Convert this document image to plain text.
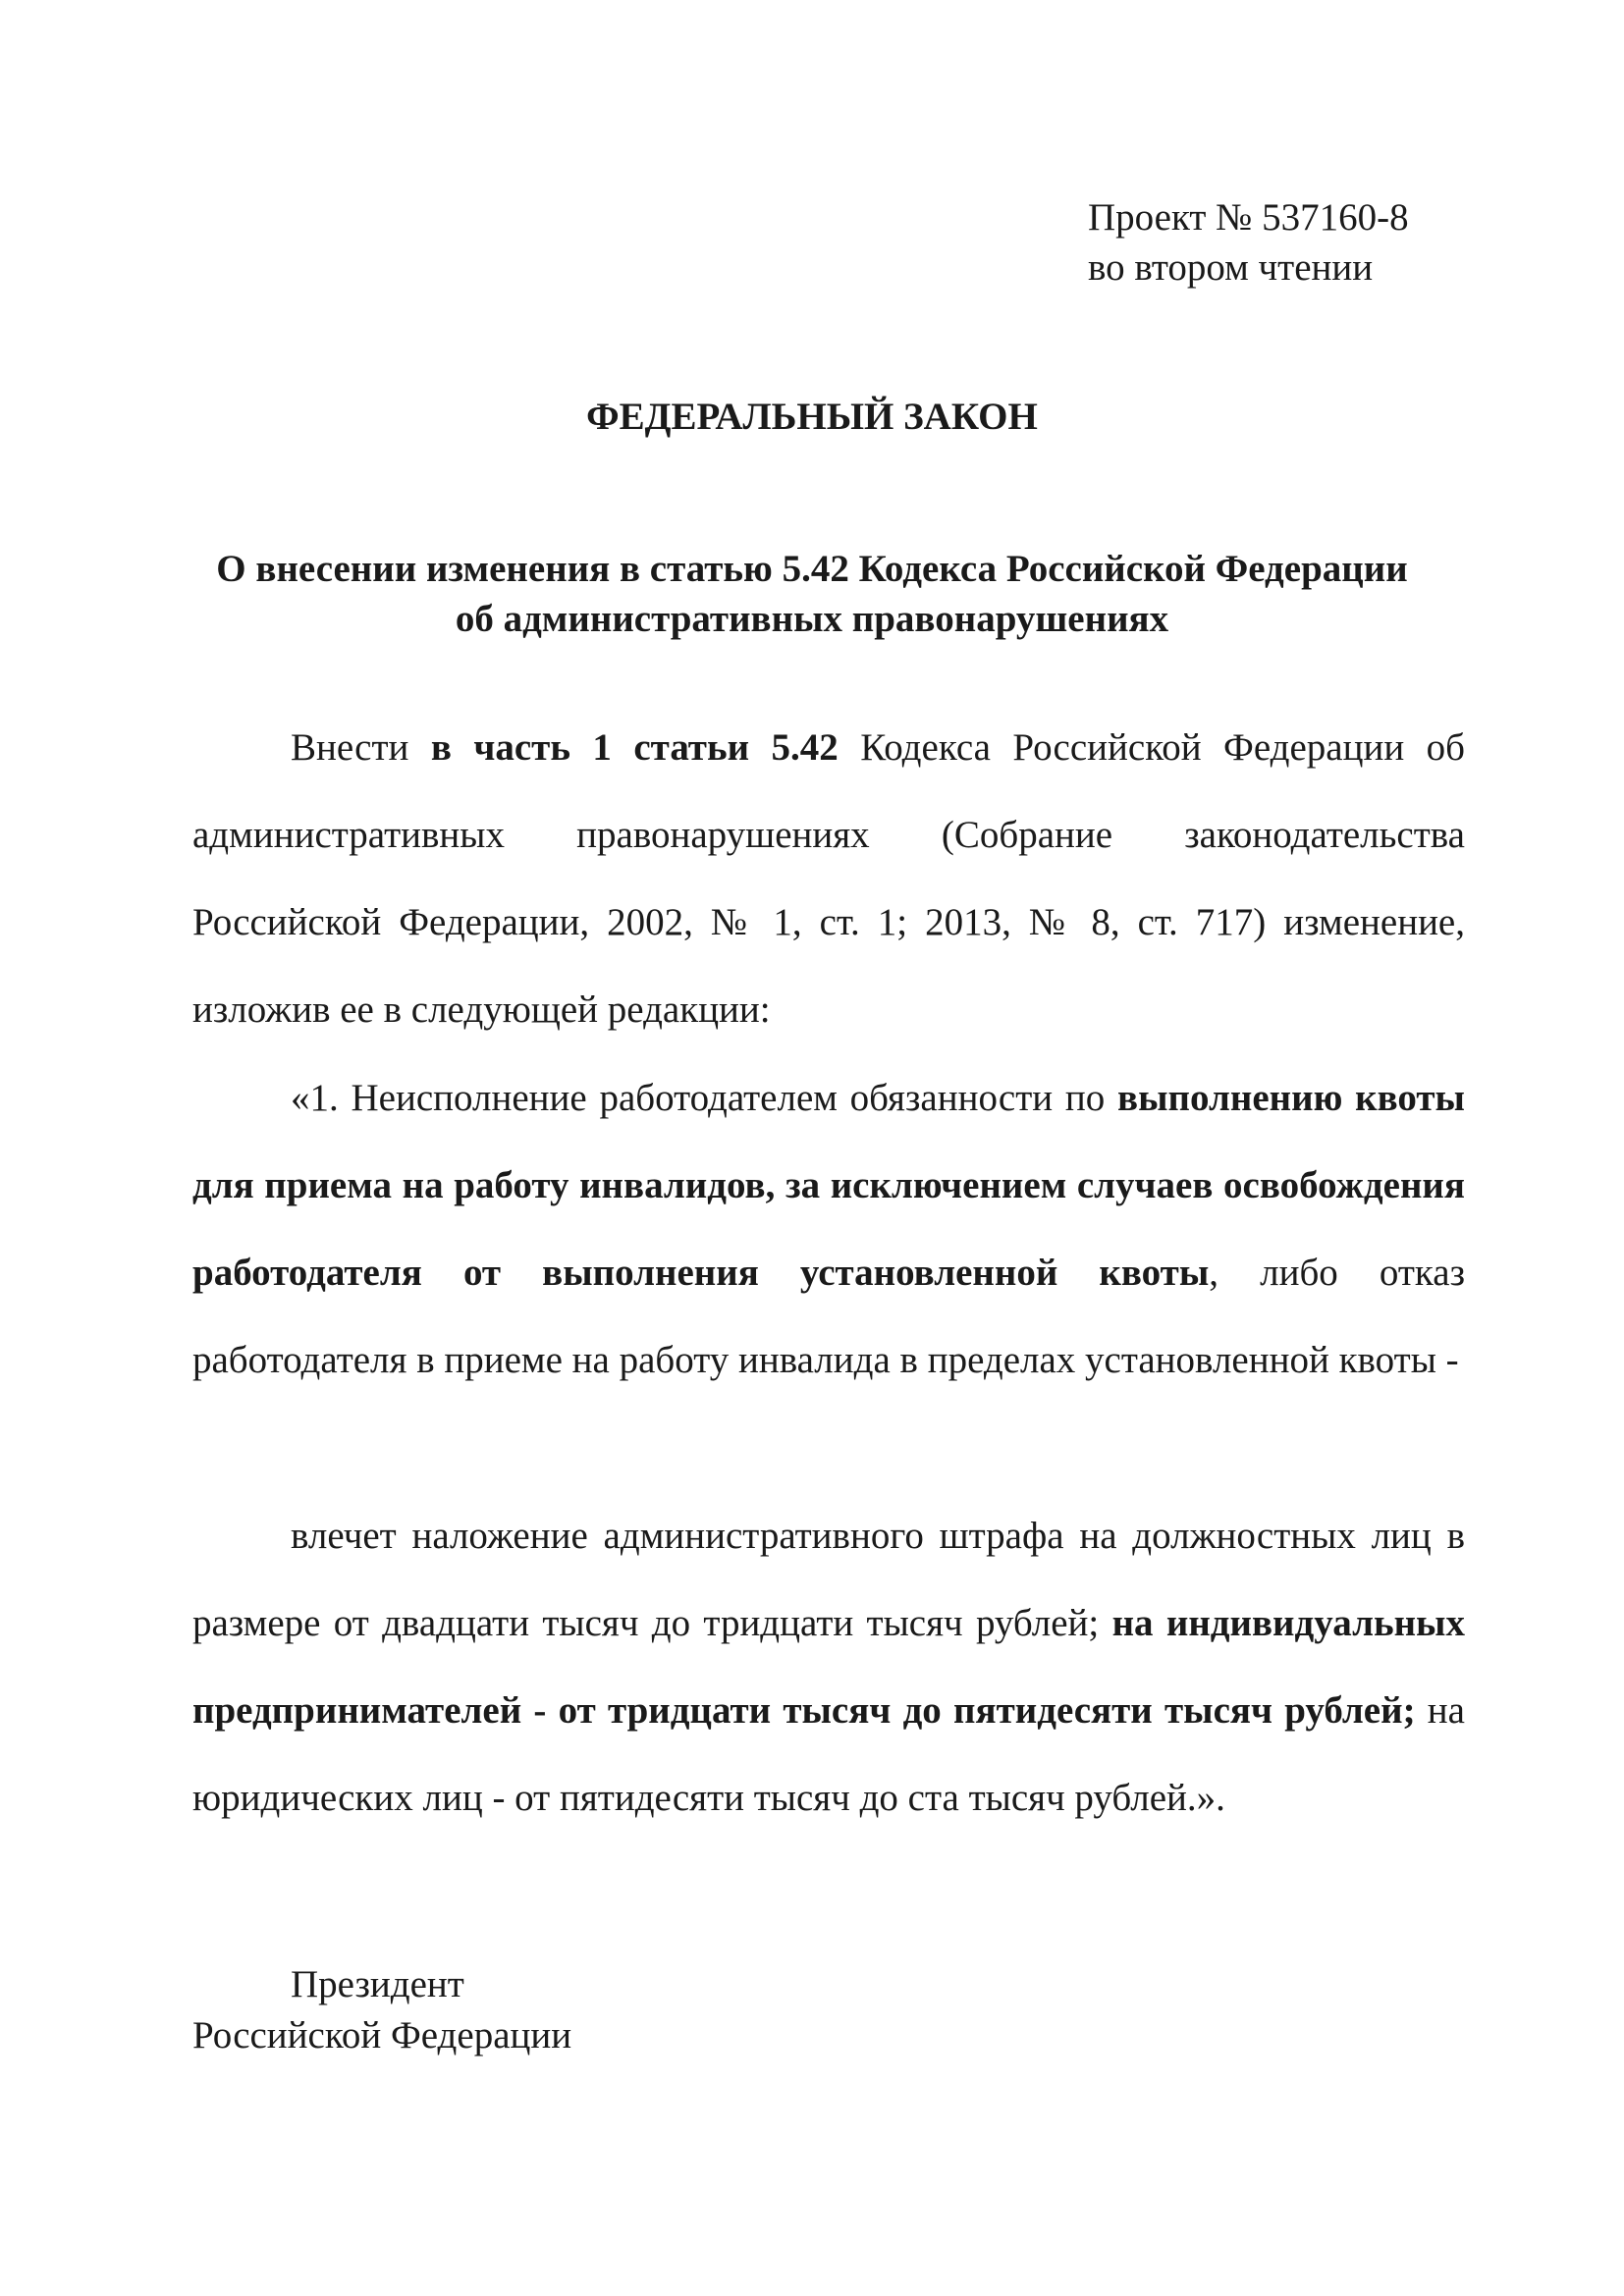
Проект № 537160-8
во втором чтении
ФЕДЕРАЛЬНЫЙ ЗАКОН
О внесении изменения в статью 5.42 Кодекса Российской Федерации
об административных правонарушениях

Внести в часть 1 статьи 5.42 Кодекса Российской Федерации об административных правонарушениях (Собрание законодательства Российской Федерации, 2002, № 1, ст. 1; 2013, № 8, ст. 717) изменение, изложив ее в следующей редакции:

«1. Неисполнение работодателем обязанности по выполнению квоты для приема на работу инвалидов, за исключением случаев освобождения работодателя от выполнения установленной квоты, либо отказ работодателя в приеме на работу инвалида в пределах установленной квоты -

влечет наложение административного штрафа на должностных лиц в размере от двадцати тысяч до тридцати тысяч рублей; на индивидуальных предпринимателей - от тридцати тысяч до пятидесяти тысяч рублей; на юридических лиц - от пятидесяти тысяч до ста тысяч рублей.».

Президент
Российской Федерации
